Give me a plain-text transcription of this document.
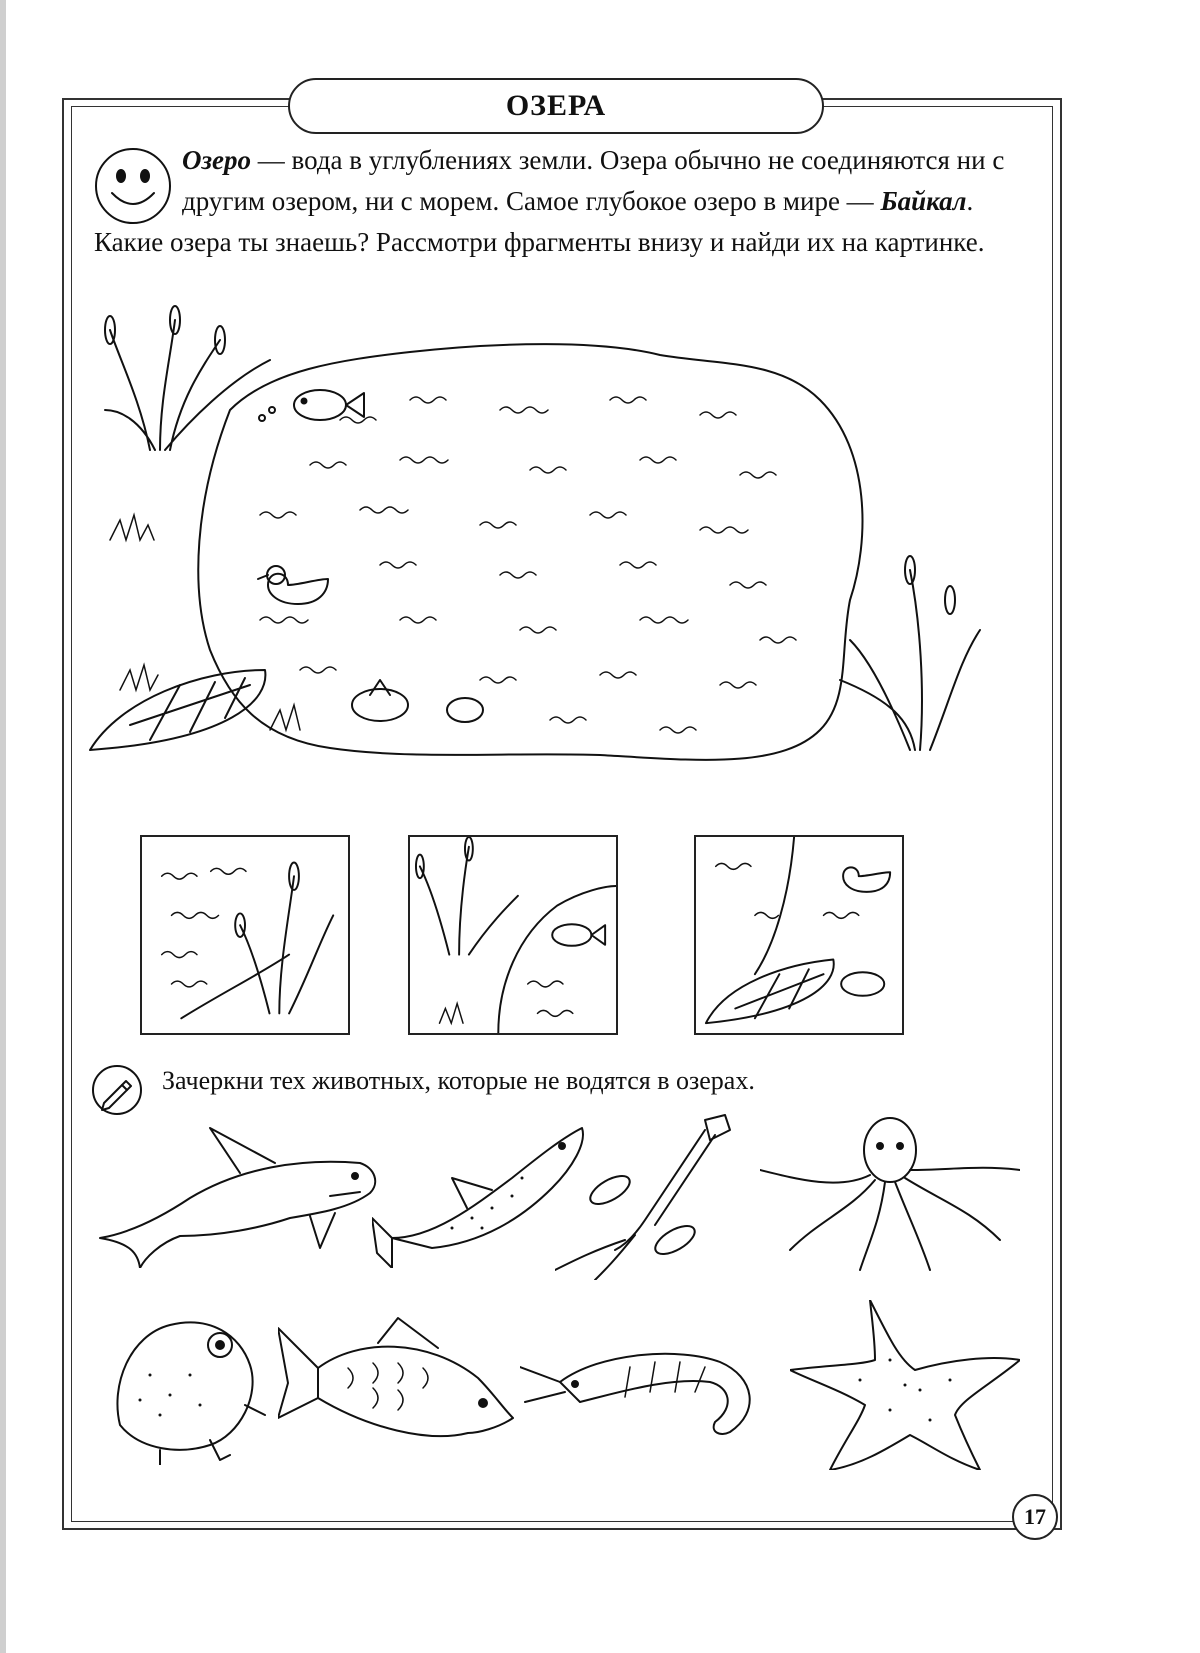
ОЗЕРА
Озеро — вода в углублениях земли. Озера обычно не соединяются ни с другим озером, ни с морем. Самое глубокое озеро в мире — Байкал. Какие озера ты знаешь? Рассмотри фрагменты внизу и найди их на картинке.
Зачеркни тех животных, которые не водятся в озерах.
17
